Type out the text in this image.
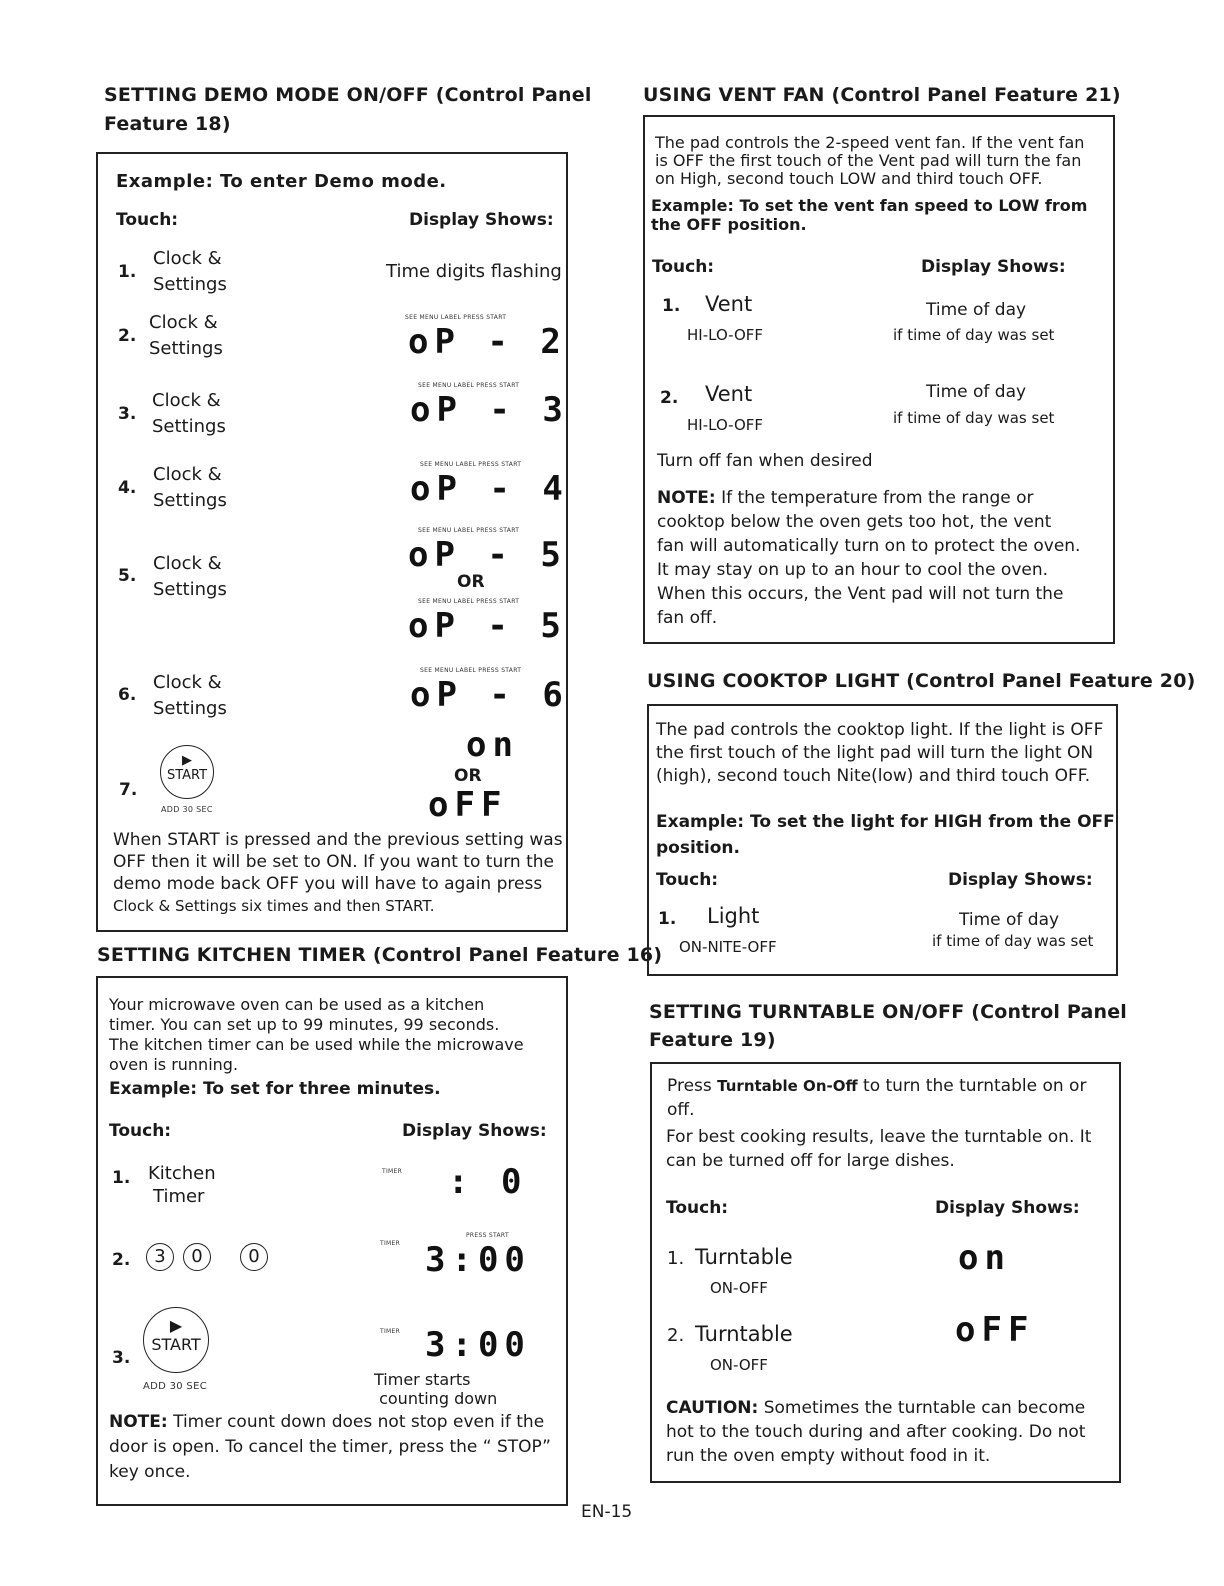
SETTING DEMO MODE ON/OFF (Control Panel
Feature 18)
Example: To enter Demo mode.
Touch:	Display Shows:
1.
Clock &
Settings
Time digits flashing
2.
Clock &
Settings
SEE MENU LABEL PRESS START
oP - 2
3.
Clock &
Settings
SEE MENU LABEL PRESS START
oP - 3
4.
Clock &
Settings
SEE MENU LABEL PRESS START
oP - 4
5.
Clock &
Settings
SEE MENU LABEL PRESS START
oP - 5
OR
SEE MENU LABEL PRESS START
oP - 5
6.
Clock &
Settings
SEE MENU LABEL PRESS START
oP - 6
7.
▶
START
ADD 30 SEC
on
OR
oFF
When START is pressed and the previous setting was
OFF then it will be set to ON. If you want to turn the
demo mode back OFF you will have to again press
Clock & Settings six times and then START.
SETTING KITCHEN TIMER (Control Panel Feature 16)
Your microwave oven can be used as a kitchen
timer. You can set up to 99 minutes, 99 seconds.
The kitchen timer can be used while the microwave
oven is running.
Example: To set for three minutes.
Touch:	Display Shows:
1. Kitchen
Timer
TIMER : 0
2.	3	0	0
PRESS START
TIMER 3:00
3.
▶
START
ADD 30 SEC
TIMER 3:00
Timer starts
counting down
NOTE: Timer count down does not stop even if the
door is open. To cancel the timer, press the “ STOP”
key once.
USING VENT FAN (Control Panel Feature 21)
The pad controls the 2-speed vent fan. If the vent fan
is OFF the first touch of the Vent pad will turn the fan
on High, second touch LOW and third touch OFF.
Example: To set the vent fan speed to LOW from
the OFF position.
Touch:	Display Shows:
1. Vent
HI-LO-OFF
Time of day
if time of day was set
2. Vent
HI-LO-OFF
Time of day
if time of day was set
Turn off fan when desired
NOTE: If the temperature from the range or
cooktop below the oven gets too hot, the vent
fan will automatically turn on to protect the oven.
It may stay on up to an hour to cool the oven.
When this occurs, the Vent pad will not turn the
fan off.
USING COOKTOP LIGHT (Control Panel Feature 20)
The pad controls the cooktop light. If the light is OFF
the first touch of the light pad will turn the light ON
(high), second touch Nite(low) and third touch OFF.
Example: To set the light for HIGH from the OFF
position.
Touch:	Display Shows:
1. Light
ON-NITE-OFF
Time of day
if time of day was set
SETTING TURNTABLE ON/OFF (Control Panel
Feature 19)
Press Turntable On-Off to turn the turntable on or
off.
For best cooking results, leave the turntable on. It
can be turned off for large dishes.
Touch:	Display Shows:
1. Turntable
ON-OFF
on
2. Turntable
ON-OFF
oFF
CAUTION: Sometimes the turntable can become
hot to the touch during and after cooking. Do not
run the oven empty without food in it.
EN-15
